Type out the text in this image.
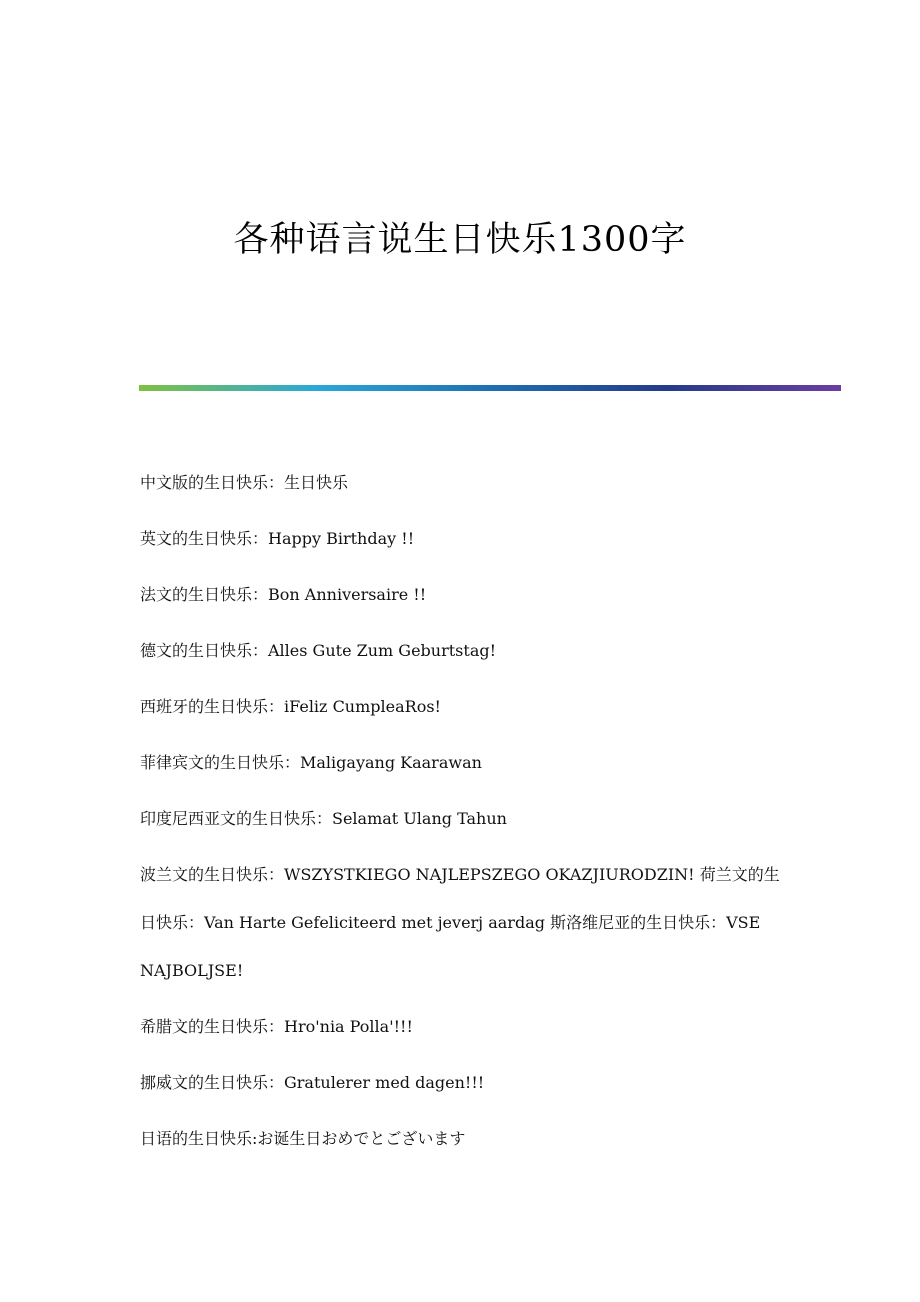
各种语言说生日快乐1300字

中文版的生日快乐：生日快乐

英文的生日快乐：Happy Birthday !!

法文的生日快乐：Bon Anniversaire !!

德文的生日快乐：Alles Gute Zum Geburtstag!

西班牙的生日快乐：iFeliz CumpleaRos!

菲律宾文的生日快乐：Maligayang Kaarawan

印度尼西亚文的生日快乐：Selamat Ulang Tahun

波兰文的生日快乐：WSZYSTKIEGO NAJLEPSZEGO OKAZJIURODZIN! 荷兰文的生日快乐：Van Harte Gefeliciteerd met jeverj aardag 斯洛维尼亚的生日快乐：VSE NAJBOLJSE!

希腊文的生日快乐：Hro'nia Polla'!!!

挪威文的生日快乐：Gratulerer med dagen!!!

日语的生日快乐:お诞生日おめでとございます
